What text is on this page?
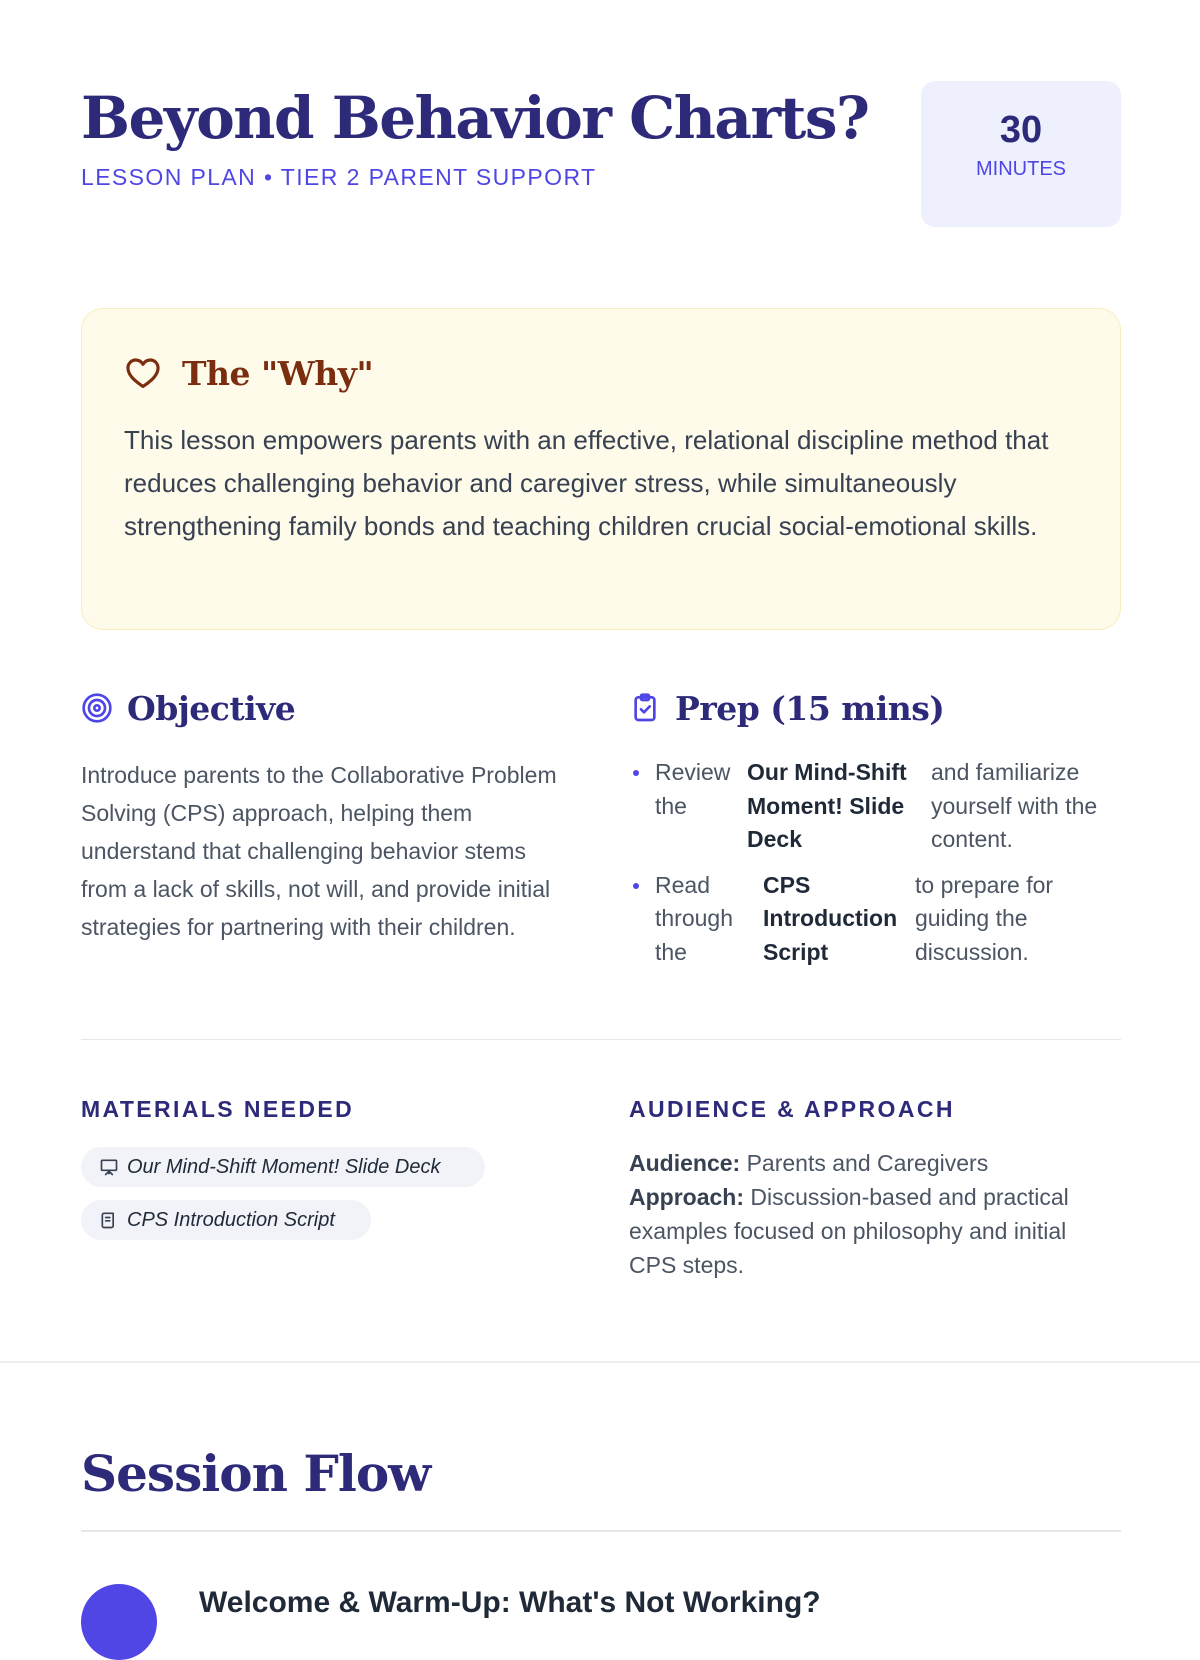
Beyond Behavior Charts?
LESSON PLAN • TIER 2 PARENT SUPPORT
30
MINUTES
The "Why"

This lesson empowers parents with an effective, relational discipline method that reduces challenging behavior and caregiver stress, while simultaneously strengthening family bonds and teaching children crucial social-emotional skills.

Objective

Introduce parents to the Collaborative Problem Solving (CPS) approach, helping them understand that challenging behavior stems from a lack of skills, not will, and provide initial strategies for partnering with their children.

Prep (15 mins)
Review the
Our Mind-Shift Moment! Slide Deck
and familiarize yourself with the content.
Read through the
CPS Introduction Script
to prepare for guiding the discussion.
MATERIALS NEEDED
Our Mind-Shift Moment! Slide Deck
CPS Introduction Script
AUDIENCE & APPROACH
Audience: Parents and Caregivers
Approach: Discussion-based and practical examples focused on philosophy and initial CPS steps.
Session Flow
Welcome & Warm-Up: What's Not Working?
